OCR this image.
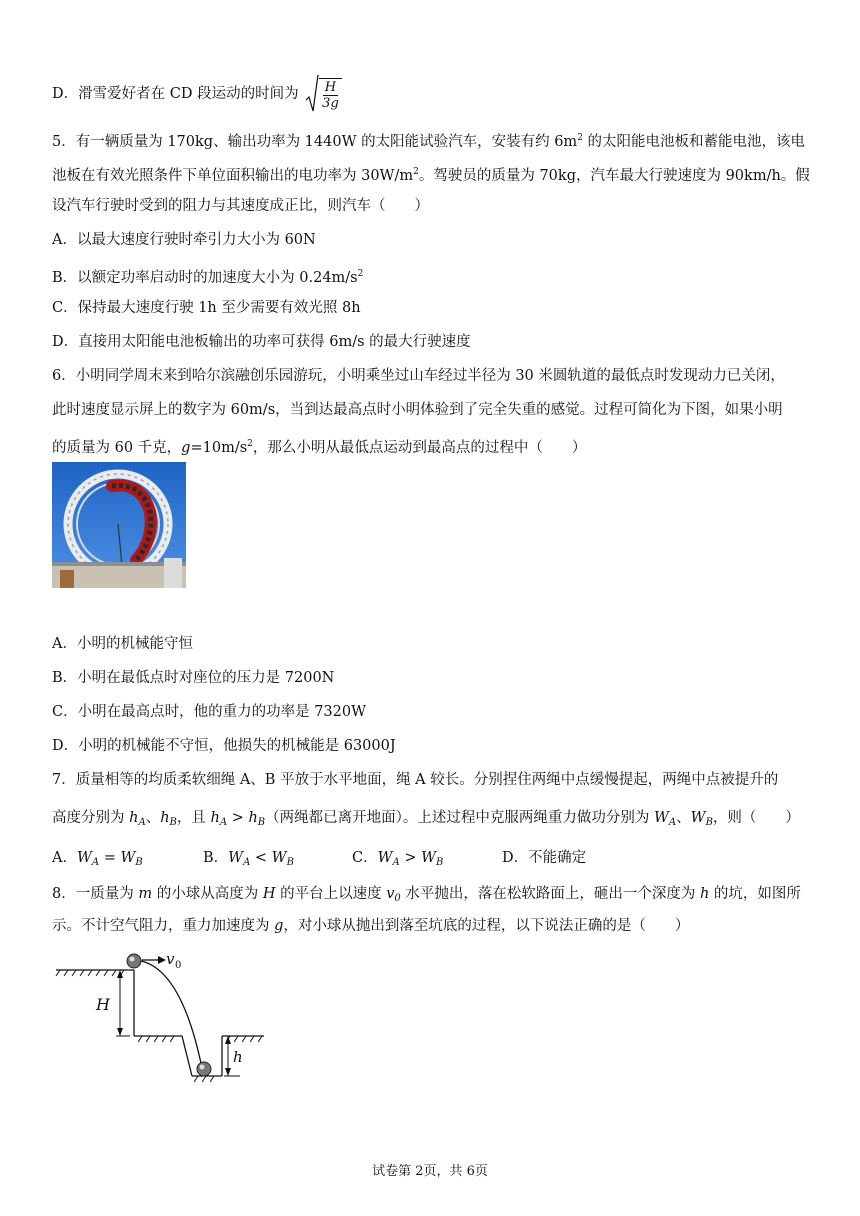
D．滑雪爱好者在 CD 段运动的时间为 $\frac{H}{3g}$
5．有一辆质量为 170kg、输出功率为 1440W 的太阳能试验汽车，安装有约 $6m^2$ 的太阳能电池板和蓄能电池，该电
池板在有效光照条件下单位面积输出的电功率为 $30W/m^2$。驾驶员的质量为 70kg，汽车最大行驶速度为 90km/h。假
设汽车行驶时受到的阻力与其速度成正比，则汽车（　　）
A．以最大速度行驶时牵引力大小为 60N
B．以额定功率启动时的加速度大小为 $0.24m/s^2$
C．保持最大速度行驶 1h 至少需要有效光照 8h
D．直接用太阳能电池板输出的功率可获得 6m/s 的最大行驶速度
6．小明同学周末来到哈尔滨融创乐园游玩，小明乘坐过山车经过半径为 30 米圆轨道的最低点时发现动力已关闭，
此时速度显示屏上的数字为 60m/s，当到达最高点时小明体验到了完全失重的感觉。过程可简化为下图，如果小明
的质量为 60 千克，$g=10m/s^2$，那么小明从最低点运动到最高点的过程中（　　）
A．小明的机械能守恒
B．小明在最低点时对座位的压力是 7200N
C．小明在最高点时，他的重力的功率是 7320W
D．小明的机械能不守恒，他损失的机械能是 63000J
7．质量相等的均质柔软细绳 A、B 平放于水平地面，绳 A 较长。分别捏住两绳中点缓慢提起，两绳中点被提升的
高度分别为 $h_A$、$h_B$，且 $h_A > h_B$（两绳都已离开地面）。上述过程中克服两绳重力做功分别为 $W_A$、$W_B$，则（　　）
A．$W_A = W_B$	B．$W_A < W_B$	C．$W_A > W_B$	D．不能确定
8．一质量为 m 的小球从高度为 H 的平台上以速度 $v_0$ 水平抛出，落在松软路面上，砸出一个深度为 h 的坑，如图所
示。不计空气阻力，重力加速度为 g，对小球从抛出到落至坑底的过程，以下说法正确的是（　　）
v 0
H
h
试卷第 2页，共 6页
